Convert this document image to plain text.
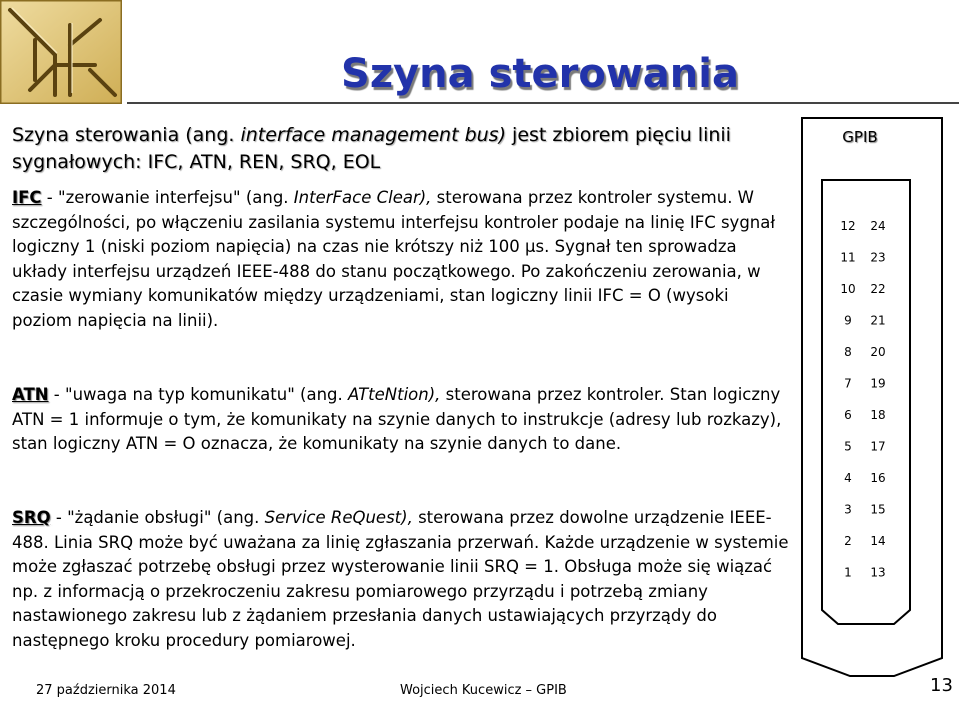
Szyna sterowania
Szyna sterowania (ang. interface management bus) jest zbiorem pięciu linii sygnałowych: IFC, ATN, REN, SRQ, EOL
IFC - "zerowanie interfejsu" (ang. InterFace Clear), sterowana przez kontroler systemu. W szczególności, po włączeniu zasilania systemu interfejsu kontroler podaje na linię IFC sygnał logiczny 1 (niski poziom napięcia) na czas nie krótszy niż 100 μs. Sygnał ten sprowadza układy interfejsu urządzeń IEEE-488 do stanu początkowego. Po zakończeniu zerowania, w czasie wymiany komunikatów między urządzeniami, stan logiczny linii IFC = O (wysoki poziom napięcia na linii).
ATN - "uwaga na typ komunikatu" (ang. ATteNtion), sterowana przez kontroler. Stan logiczny ATN = 1 informuje o tym, że komunikaty na szynie danych to instrukcje (adresy lub rozkazy), stan logiczny ATN = O oznacza, że komunikaty na szynie danych to dane.
SRQ - "żądanie obsługi" (ang. Service ReQuest), sterowana przez dowolne urządzenie IEEE-488. Linia SRQ może być uważana za linię zgłaszania przerwań. Każde urządzenie w systemie może zgłaszać potrzebę obsługi przez wysterowanie linii SRQ = 1. Obsługa może się wiązać np. z informacją o przekroczeniu zakresu pomiarowego przyrządu i potrzebą zmiany nastawionego zakresu lub z żądaniem przesłania danych ustawiających przyrządy do następnego kroku procedury pomiarowej.
GPIB
12 24
11 23
10 22
9 21
8 20
7 19
6 18
5 17
4 16
3 15
2 14
1 13
27 października 2014	Wojciech Kucewicz – GPIB	13
